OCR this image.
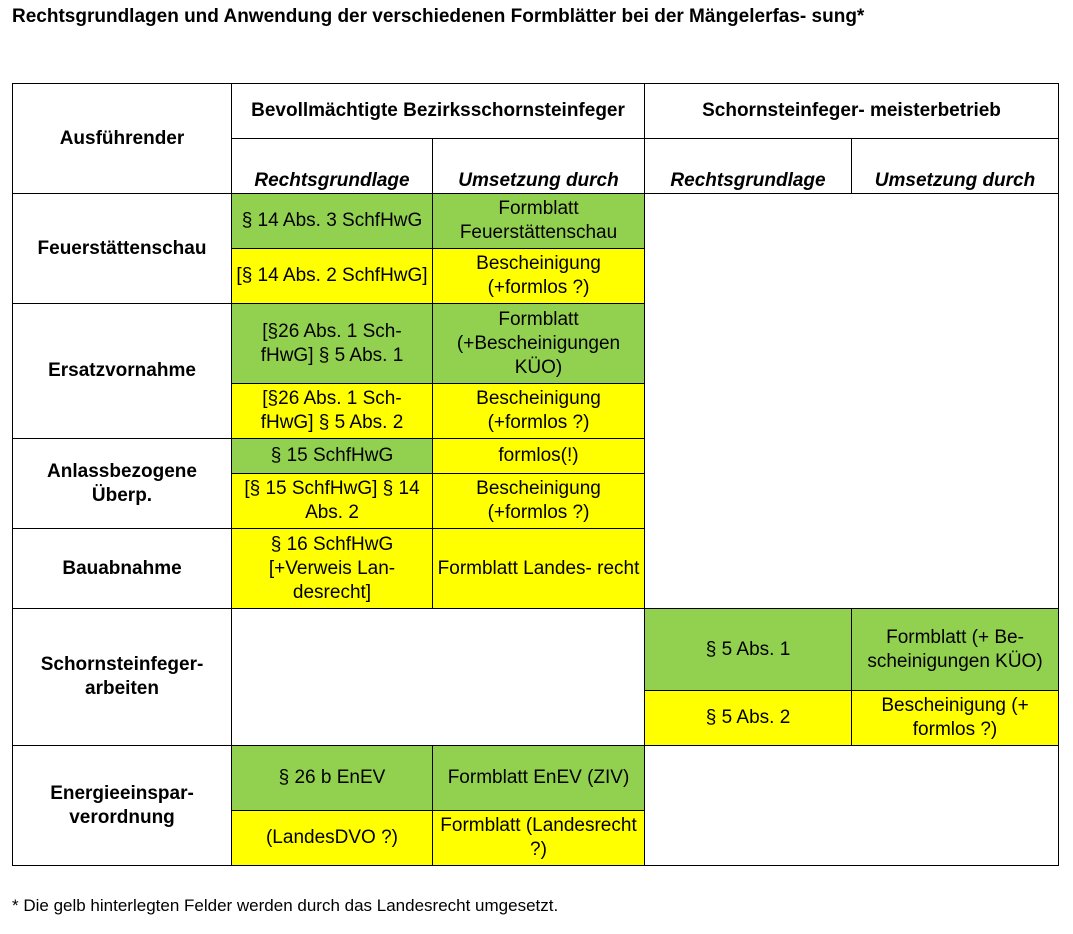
Rechtsgrundlagen und Anwendung der verschiedenen Formblätter bei der Mängelerfas- sung*
Ausführender	Bevollmächtigte Bezirksschornsteinfeger		Schornsteinfeger- meisterbetrieb	
	Rechtsgrundlage	Umsetzung durch	Rechtsgrundlage	Umsetzung durch
Feuerstättenschau	§ 14 Abs. 3 SchfHwG	Formblatt Feuerstättenschau		
	[§ 14 Abs. 2 SchfHwG]	Bescheinigung (+formlos ?)		
Ersatzvornahme	[§26 Abs. 1 Sch- fHwG] § 5 Abs. 1	Formblatt (+Bescheinigungen KÜO)		
	[§26 Abs. 1 Sch- fHwG] § 5 Abs. 2	Bescheinigung (+formlos ?)		
Anlassbezogene Überp.	§ 15 SchfHwG	formlos(!)		
	[§ 15 SchfHwG] § 14 Abs. 2	Bescheinigung (+formlos ?)		
Bauabnahme	§ 16 SchfHwG [+Verweis Lan- desrecht]	Formblatt Landes- recht		
Schornsteinfeger- arbeiten			§ 5 Abs. 1	Formblatt (+ Be- scheinigungen KÜO)
			§ 5 Abs. 2	Bescheinigung (+ formlos ?)
Energieeinspar- verordnung	§ 26 b EnEV	Formblatt EnEV (ZIV)		
	(LandesDVO ?)	Formblatt (Landesrecht ?)		
* Die gelb hinterlegten Felder werden durch das Landesrecht umgesetzt.
